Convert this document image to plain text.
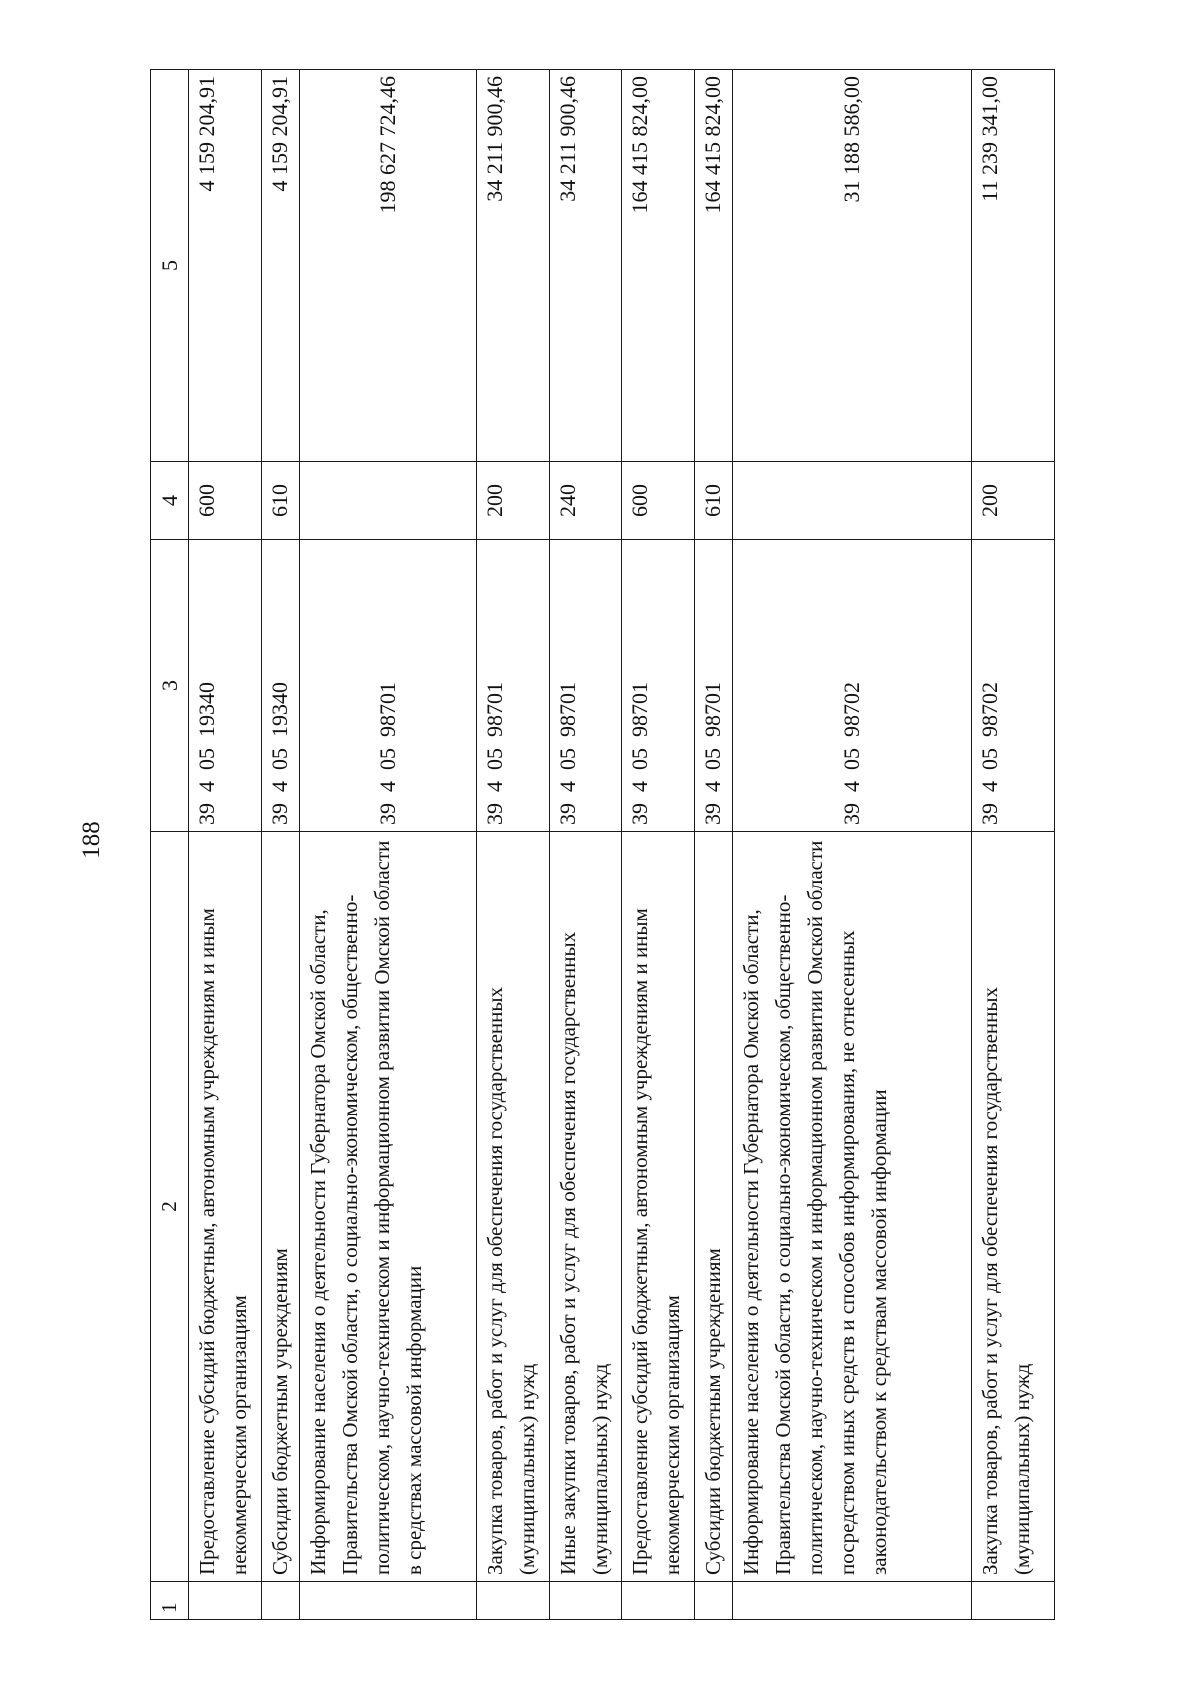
188
1	2	3	4	5
	Предоставление субсидий бюджетным, автономным учреждениям и иным некоммерческим организациям	39  4  05  19340	600	4 159 204,91
	Субсидии бюджетным учреждениям	39  4  05  19340	610	4 159 204,91
	Информирование населения о деятельности Губернатора Омской области, Правительства Омской области, о социально-экономическом, общественно-политическом, научно-техническом и информационном развитии Омской области в средствах массовой информации	39  4  05  98701		198 627 724,46
	Закупка товаров, работ и услуг для обеспечения государственных (муниципальных) нужд	39  4  05  98701	200	34 211 900,46
	Иные закупки товаров, работ и услуг для обеспечения государственных (муниципальных) нужд	39  4  05  98701	240	34 211 900,46
	Предоставление субсидий бюджетным, автономным учреждениям и иным некоммерческим организациям	39  4  05  98701	600	164 415 824,00
	Субсидии бюджетным учреждениям	39  4  05  98701	610	164 415 824,00
	Информирование населения о деятельности Губернатора Омской области, Правительства Омской области, о социально-экономическом, общественно-политическом, научно-техническом и информационном развитии Омской области посредством иных средств и способов информирования, не отнесенных законодательством к средствам массовой информации	39  4  05  98702		31 188 586,00
	Закупка товаров, работ и услуг для обеспечения государственных (муниципальных) нужд	39  4  05  98702	200	11 239 341,00
